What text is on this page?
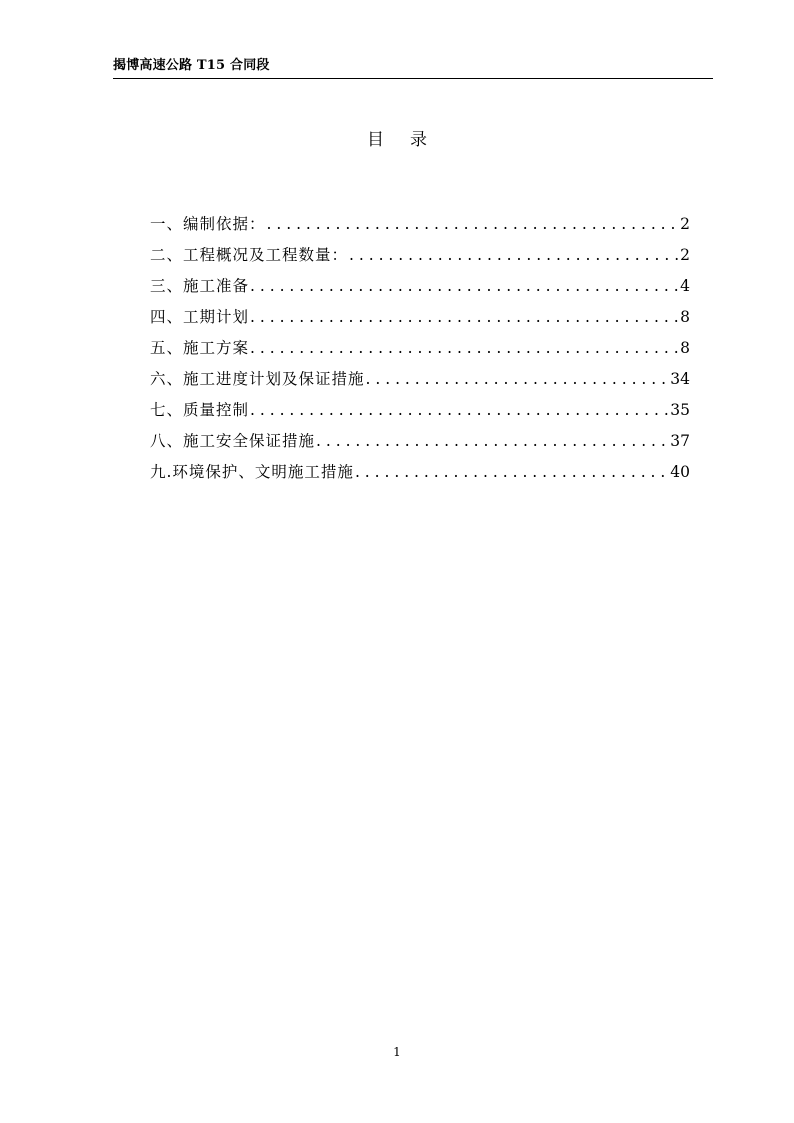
揭博高速公路 T15 合同段
目录
一、编制依据： . . .	2
二、工程概况及工程数量： . . .	2
三、施工准备 . . .	4
四、工期计划 . . .	8
五、施工方案 . . .	8
六、施工进度计划及保证措施 . . .	34
七、质量控制 . . .	35
八、施工安全保证措施 . . .	37
九.环境保护、文明施工措施 . . .	40
1
